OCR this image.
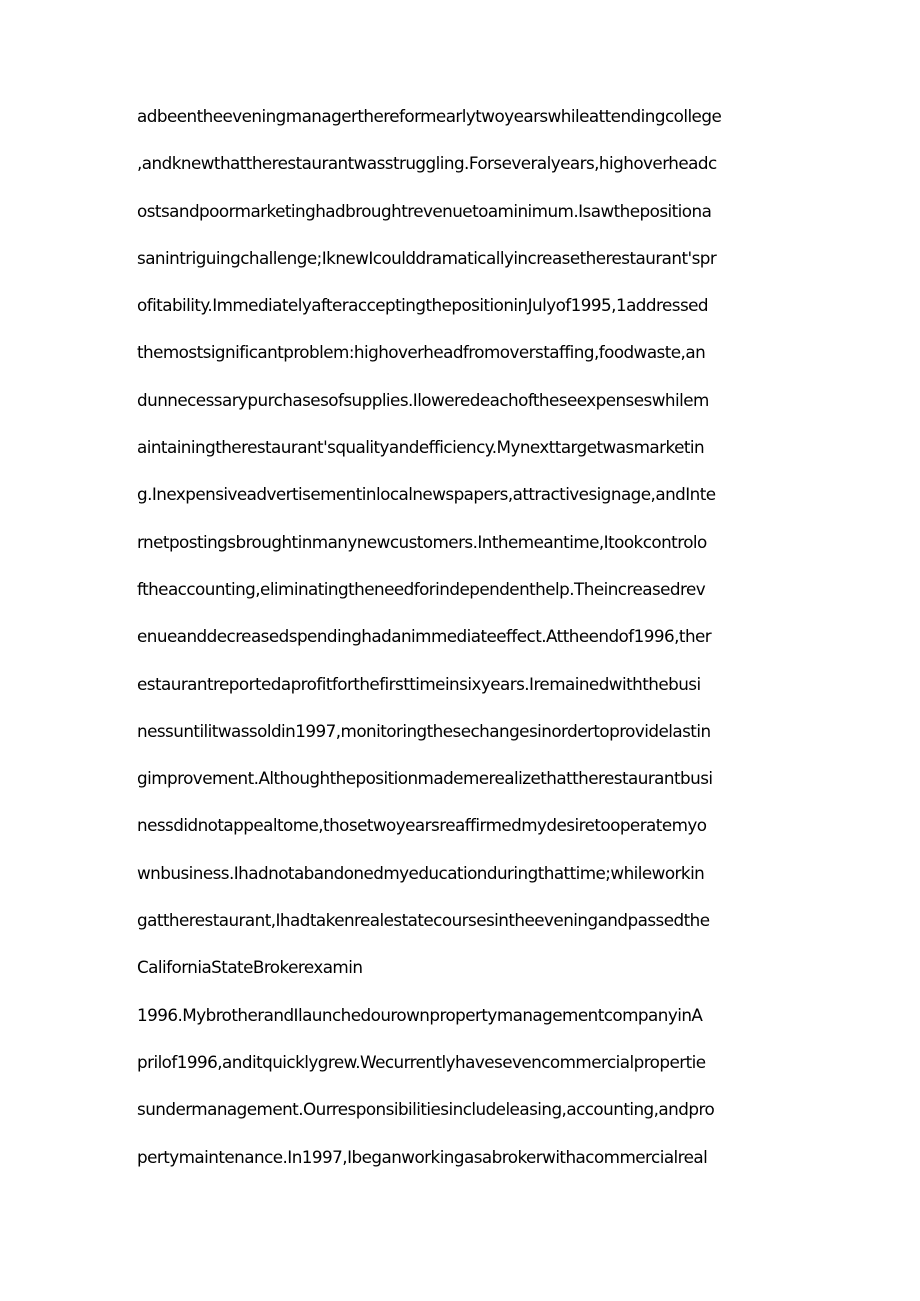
adbeentheeveningmanagerthereformearlytwoyearswhileattendingcollege
,andknewthattherestaurantwasstruggling.Forseveralyears,highoverheadc
ostsandpoormarketinghadbroughtrevenuetoaminimum.Isawthepositiona
sanintriguingchallenge;IknewIcoulddramaticallyincreasetherestaurant'spr
ofitability.ImmediatelyafteracceptingthepositioninJulyof1995,1addressed
themostsignificantproblem:highoverheadfromoverstaffing,foodwaste,an
dunnecessarypurchasesofsupplies.Iloweredeachoftheseexpenseswhilem
aintainingtherestaurant'squalityandefficiency.Mynexttargetwasmarketin
g.Inexpensiveadvertisementinlocalnewspapers,attractivesignage,andInte
rnetpostingsbroughtinmanynewcustomers.Inthemeantime,Itookcontrolo
ftheaccounting,eliminatingtheneedforindependenthelp.Theincreasedrev
enueanddecreasedspendinghadanimmediateeffect.Attheendof1996,ther
estaurantreportedaprofitforthefirsttimeinsixyears.Iremainedwiththebusi
nessuntilitwassoldin1997,monitoringthesechangesinordertoprovidelastin
gimprovement.Althoughthepositionmademerealizethattherestaurantbusi
nessdidnotappealtome,thosetwoyearsreaffirmedmydesiretooperatemyo
wnbusiness.Ihadnotabandonedmyeducationduringthattime;whileworkin
gattherestaurant,Ihadtakenrealestatecoursesintheeveningandpassedthe
CaliforniaStateBrokerexamin
1996.MybrotherandIlaunchedourownpropertymanagementcompanyinA
prilof1996,anditquicklygrew.Wecurrentlyhavesevencommercialpropertie
sundermanagement.Ourresponsibilitiesincludeleasing,accounting,andpro
pertymaintenance.In1997,Ibeganworkingasabrokerwithacommercialreal
